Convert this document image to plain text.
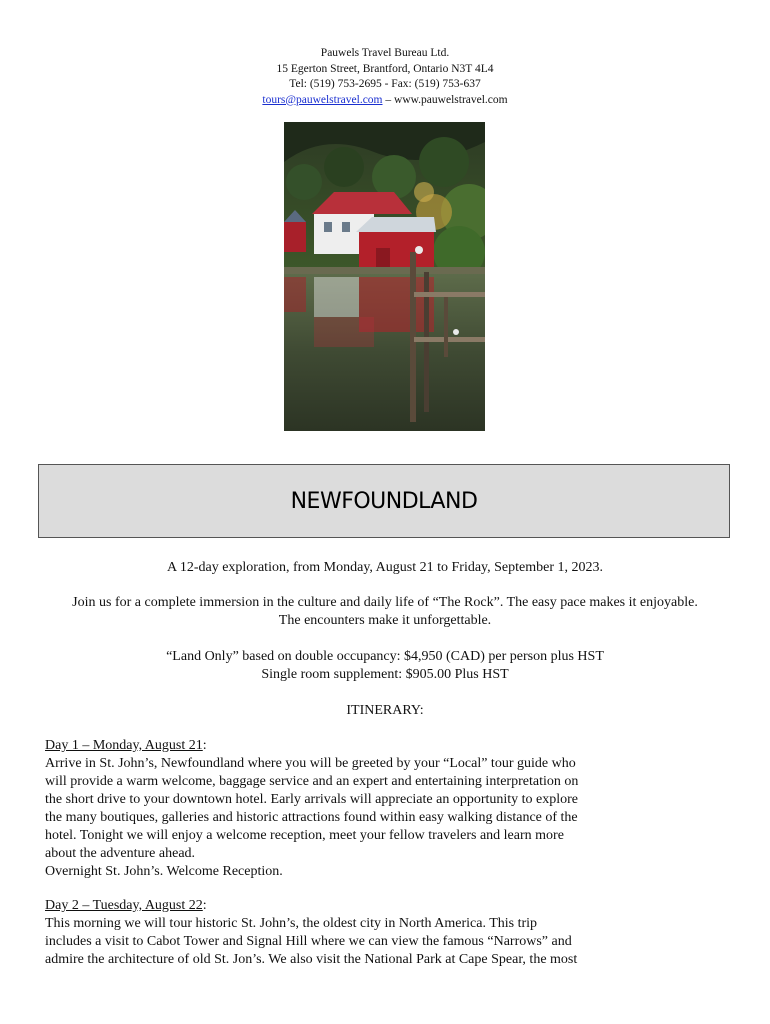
Pauwels Travel Bureau Ltd.
15 Egerton Street, Brantford, Ontario N3T 4L4
Tel: (519) 753-2695 - Fax: (519) 753-637
tours@pauwelstravel.com – www.pauwelstravel.com
NEWFOUNDLAND
A 12-day exploration, from Monday, August 21 to Friday, September 1, 2023.
Join us for a complete immersion in the culture and daily life of “The Rock”. The easy pace makes it enjoyable.
The encounters make it unforgettable.
“Land Only” based on double occupancy: $4,950 (CAD) per person plus HST
Single room supplement: $905.00 Plus HST
ITINERARY:
Day 1 – Monday, August 21:
Arrive in St. John’s, Newfoundland where you will be greeted by your “Local” tour guide who
will provide a warm welcome, baggage service and an expert and entertaining interpretation on
the short drive to your downtown hotel. Early arrivals will appreciate an opportunity to explore
the many boutiques, galleries and historic attractions found within easy walking distance of the
hotel. Tonight we will enjoy a welcome reception, meet your fellow travelers and learn more
about the adventure ahead.
Overnight St. John’s. Welcome Reception.
Day 2 – Tuesday, August 22:
This morning we will tour historic St. John’s, the oldest city in North America. This trip
includes a visit to Cabot Tower and Signal Hill where we can view the famous “Narrows” and
admire the architecture of old St. Jon’s. We also visit the National Park at Cape Spear, the most
